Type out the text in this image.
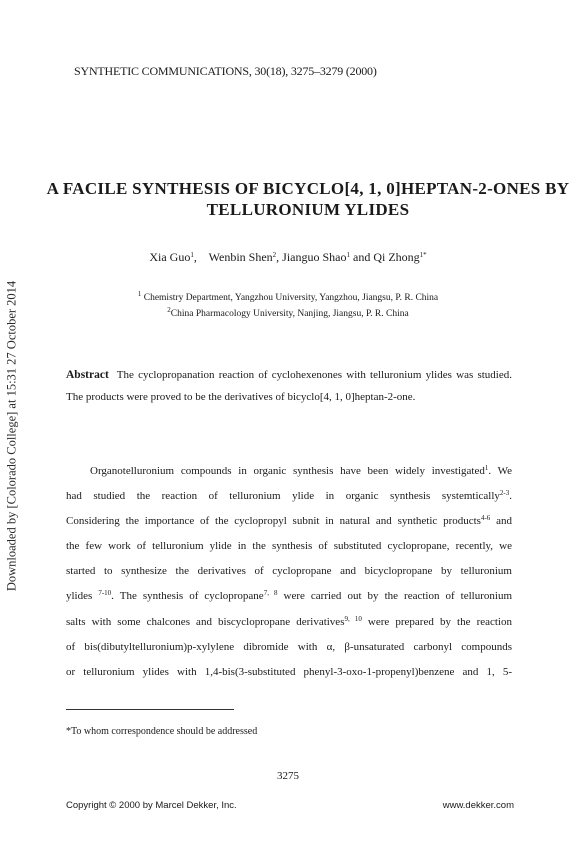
SYNTHETIC COMMUNICATIONS, 30(18), 3275–3279 (2000)
Downloaded by [Colorado College] at 15:31 27 October 2014
A FACILE SYNTHESIS OF BICYCLO[4, 1, 0]HEPTAN-2-ONES BY TELLURONIUM YLIDES
Xia Guo$^1$, Wenbin Shen$^2$, Jianguo Shao$^1$ and Qi Zhong$^{1*}$
$^1$ Chemistry Department, Yangzhou University, Yangzhou, Jiangsu, P. R. China
$^2$China Pharmacology University, Nanjing, Jiangsu, P. R. China
Abstract The cyclopropanation reaction of cyclohexenones with telluronium ylides was studied. The products were proved to be the derivatives of bicyclo[4, 1, 0]heptan-2-one.
Organotelluronium compounds in organic synthesis have been widely investigated$^1$. We
had studied the reaction of telluronium ylide in organic synthesis systemtically$^{2-3}$.
Considering the importance of the cyclopropyl subnit in natural and synthetic products$^{4-6}$ and
the few work of telluronium ylide in the synthesis of substituted cyclopropane, recently, we
started to synthesize the derivatives of cyclopropane and bicyclopropane by telluronium
ylides $^{7-10}$. The synthesis of cyclopropane$^{7, 8}$ were carried out by the reaction of telluronium
salts with some chalcones and biscyclopropane derivatives$^{9, 10}$ were prepared by the reaction
of bis(dibutyltelluronium)p-xylylene dibromide with α, β-unsaturated carbonyl compounds
or telluronium ylides with 1,4-bis(3-substituted phenyl-3-oxo-1-propenyl)benzene and 1, 5-
*To whom correspondence should be addressed
3275
Copyright © 2000 by Marcel Dekker, Inc.	www.dekker.com
